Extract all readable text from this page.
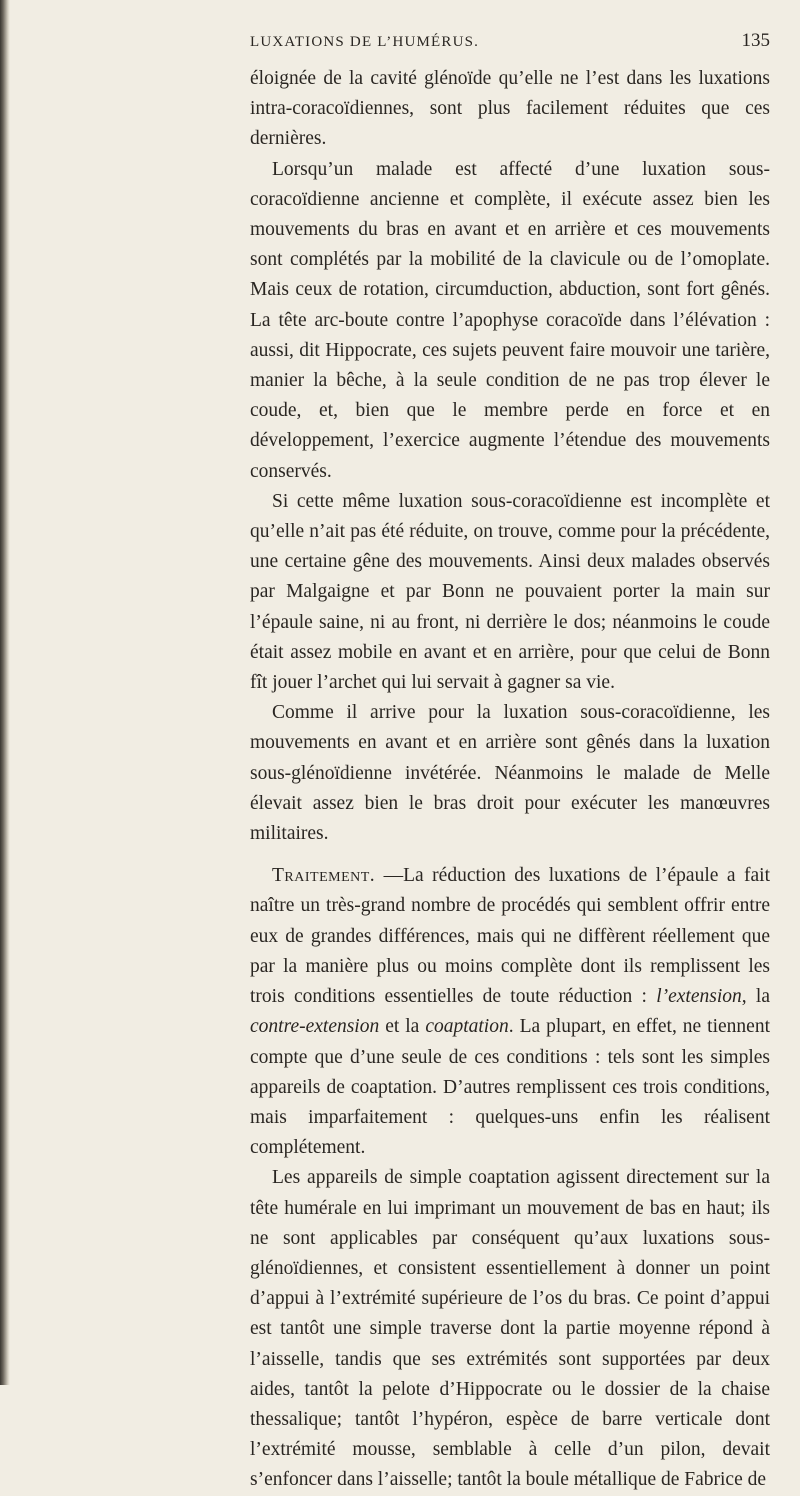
LUXATIONS DE L’HUMÉRUS.	135

éloignée de la cavité glénoïde qu’elle ne l’est dans les luxations intra-coracoïdiennes, sont plus facilement réduites que ces dernières.

Lorsqu’un malade est affecté d’une luxation sous-coracoïdienne ancienne et complète, il exécute assez bien les mouvements du bras en avant et en arrière et ces mouvements sont complétés par la mobilité de la clavicule ou de l’omoplate. Mais ceux de rotation, circumduction, abduction, sont fort gênés. La tête arc-boute contre l’apophyse coracoïde dans l’élévation : aussi, dit Hippocrate, ces sujets peuvent faire mouvoir une tarière, manier la bêche, à la seule condition de ne pas trop élever le coude, et, bien que le membre perde en force et en développement, l’exercice augmente l’étendue des mouvements conservés.

Si cette même luxation sous-coracoïdienne est incomplète et qu’elle n’ait pas été réduite, on trouve, comme pour la précédente, une certaine gêne des mouvements. Ainsi deux malades observés par Malgaigne et par Bonn ne pouvaient porter la main sur l’épaule saine, ni au front, ni derrière le dos; néanmoins le coude était assez mobile en avant et en arrière, pour que celui de Bonn fît jouer l’archet qui lui servait à gagner sa vie.

Comme il arrive pour la luxation sous-coracoïdienne, les mouvements en avant et en arrière sont gênés dans la luxation sous-glénoïdienne invétérée. Néanmoins le malade de Melle élevait assez bien le bras droit pour exécuter les manœuvres militaires.

Traitement. —La réduction des luxations de l’épaule a fait naître un très-grand nombre de procédés qui semblent offrir entre eux de grandes différences, mais qui ne diffèrent réellement que par la manière plus ou moins complète dont ils remplissent les trois conditions essentielles de toute réduction : l’extension, la contre-extension et la coaptation. La plupart, en effet, ne tiennent compte que d’une seule de ces conditions : tels sont les simples appareils de coaptation. D’autres remplissent ces trois conditions, mais imparfaitement : quelques-uns enfin les réalisent complétement.

Les appareils de simple coaptation agissent directement sur la tête humérale en lui imprimant un mouvement de bas en haut; ils ne sont applicables par conséquent qu’aux luxations sous-glénoïdiennes, et consistent essentiellement à donner un point d’appui à l’extrémité supérieure de l’os du bras. Ce point d’appui est tantôt une simple traverse dont la partie moyenne répond à l’aisselle, tandis que ses extrémités sont supportées par deux aides, tantôt la pelote d’Hippocrate ou le dossier de la chaise thessalique; tantôt l’hypéron, espèce de barre verticale dont l’extrémité mousse, semblable à celle d’un pilon, devait s’enfoncer dans l’aisselle; tantôt la boule métallique de Fabrice de
